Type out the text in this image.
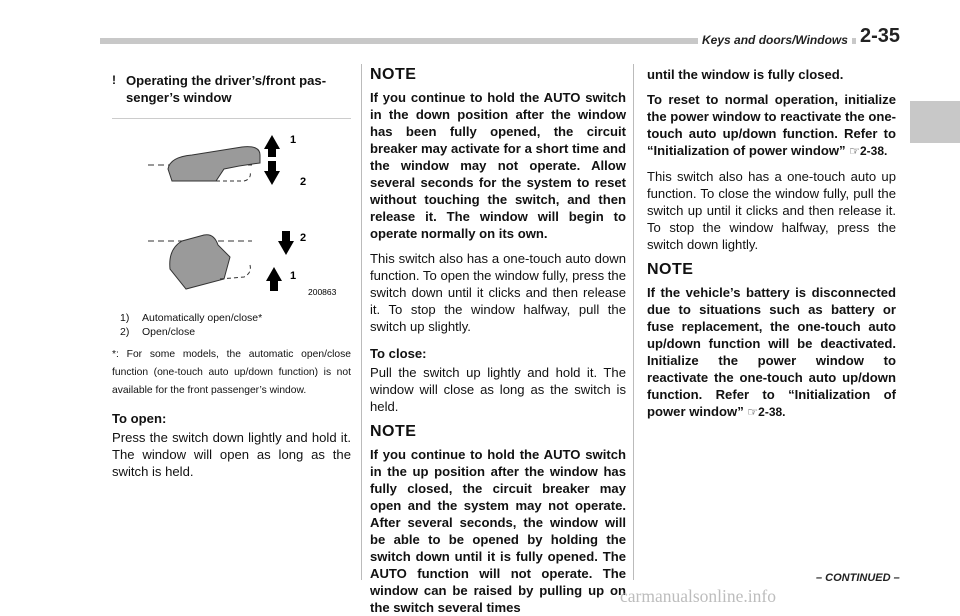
Keys and doors/Windows 2-35
! Operating the driver’s/front pas-
senger’s window
1
2
2
1
200863
1)	Automatically open/close*
2)	Open/close

*: For some models, the automatic open/close function (one-touch auto up/down function) is not available for the front passenger’s window.

To open:

Press the switch down lightly and hold it. The window will open as long as the switch is held.

NOTE

If you continue to hold the AUTO switch in the down position after the window has been fully opened, the circuit breaker may activate for a short time and the window may not operate. Allow several seconds for the system to reset without touching the switch, and then release it. The window will begin to operate normally on its own.

This switch also has a one-touch auto down function. To open the window fully, press the switch down until it clicks and then release it. To stop the window halfway, pull the switch up slightly.

To close:

Pull the switch up lightly and hold it. The window will close as long as the switch is held.

NOTE

If you continue to hold the AUTO switch in the up position after the window has fully closed, the circuit breaker may open and the system may not operate. After several seconds, the window will be able to be opened by holding the switch down until it is fully opened. The AUTO function will not operate. The window can be raised by pulling up on the switch several times

until the window is fully closed.

To reset to normal operation, initialize the power window to reactivate the one-touch auto up/down function. Refer to “Initialization of power window” ☞2-38.

This switch also has a one-touch auto up function. To close the window fully, pull the switch up until it clicks and then release it. To stop the window halfway, press the switch down lightly.

NOTE

If the vehicle’s battery is disconnected due to situations such as battery or fuse replacement, the one-touch auto up/down function will be deactivated. Initialize the power window to reactivate the one-touch auto up/down function. Refer to “Initialization of power window” ☞2-38.

– CONTINUED –
carmanualsonline.info
